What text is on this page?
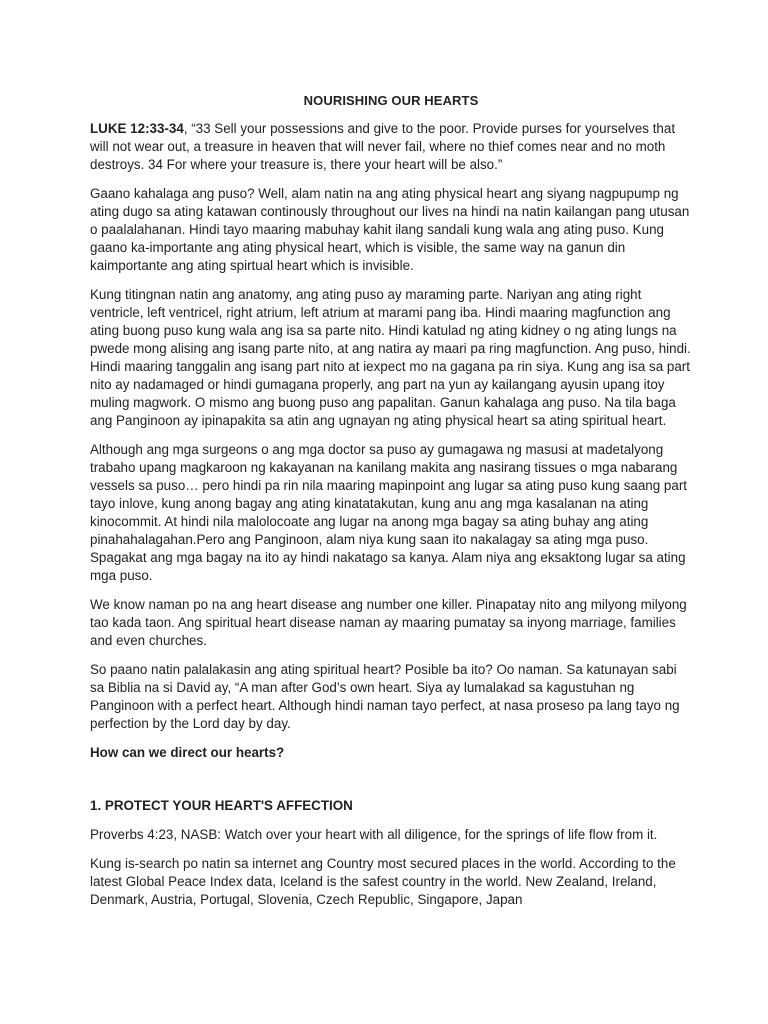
NOURISHING OUR HEARTS

LUKE 12:33-34, “33 Sell your possessions and give to the poor. Provide purses for yourselves that will not wear out, a treasure in heaven that will never fail, where no thief comes near and no moth destroys. 34 For where your treasure is, there your heart will be also.”

Gaano kahalaga ang puso? Well, alam natin na ang ating physical heart ang siyang nagpupump ng ating dugo sa ating katawan continously throughout our lives na hindi na natin kailangan pang utusan o paalalahanan. Hindi tayo maaring mabuhay kahit ilang sandali kung wala ang ating puso. Kung gaano ka-importante ang ating physical heart, which is visible, the same way na ganun din kaimportante ang ating spirtual heart which is invisible.

Kung titingnan natin ang anatomy, ang ating puso ay maraming parte. Nariyan ang ating right ventricle, left ventricel, right atrium, left atrium at marami pang iba. Hindi maaring magfunction ang ating buong puso kung wala ang isa sa parte nito. Hindi katulad ng ating kidney o ng ating lungs na pwede mong alising ang isang parte nito, at ang natira ay maari pa ring magfunction. Ang puso, hindi. Hindi maaring tanggalin ang isang part nito at iexpect mo na gagana pa rin siya. Kung ang isa sa part nito ay nadamaged or hindi gumagana properly, ang part na yun ay kailangang ayusin upang itoy muling magwork. O mismo ang buong puso ang papalitan. Ganun kahalaga ang puso. Na tila baga ang Panginoon ay ipinapakita sa atin ang ugnayan ng ating physical heart sa ating spiritual heart.

Although ang mga surgeons o ang mga doctor sa puso ay gumagawa ng masusi at madetalyong trabaho upang magkaroon ng kakayanan na kanilang makita ang nasirang tissues o mga nabarang vessels sa puso… pero hindi pa rin nila maaring mapinpoint ang lugar sa ating puso kung saang part tayo inlove, kung anong bagay ang ating kinatatakutan, kung anu ang mga kasalanan na ating kinocommit. At hindi nila malolocoate ang lugar na anong mga bagay sa ating buhay ang ating pinahahalagahan.Pero ang Panginoon, alam niya kung saan ito nakalagay sa ating mga puso. Spagakat ang mga bagay na ito ay hindi nakatago sa kanya. Alam niya ang eksaktong lugar sa ating mga puso.

We know naman po na ang heart disease ang number one killer. Pinapatay nito ang milyong milyong tao kada taon. Ang spiritual heart disease naman ay maaring pumatay sa inyong marriage, families and even churches.

So paano natin palalakasin ang ating spiritual heart? Posible ba ito? Oo naman. Sa katunayan sabi sa Biblia na si David ay, “A man after God’s own heart. Siya ay lumalakad sa kagustuhan ng Panginoon with a perfect heart. Although hindi naman tayo perfect, at nasa proseso pa lang tayo ng perfection by the Lord day by day.

How can we direct our hearts?

1. PROTECT YOUR HEART'S AFFECTION

Proverbs 4:23, NASB: Watch over your heart with all diligence, for the springs of life flow from it.

Kung is-search po natin sa internet ang Country most secured places in the world. According to the latest Global Peace Index data, Iceland is the safest country in the world. New Zealand, Ireland, Denmark, Austria, Portugal, Slovenia, Czech Republic, Singapore, Japan
